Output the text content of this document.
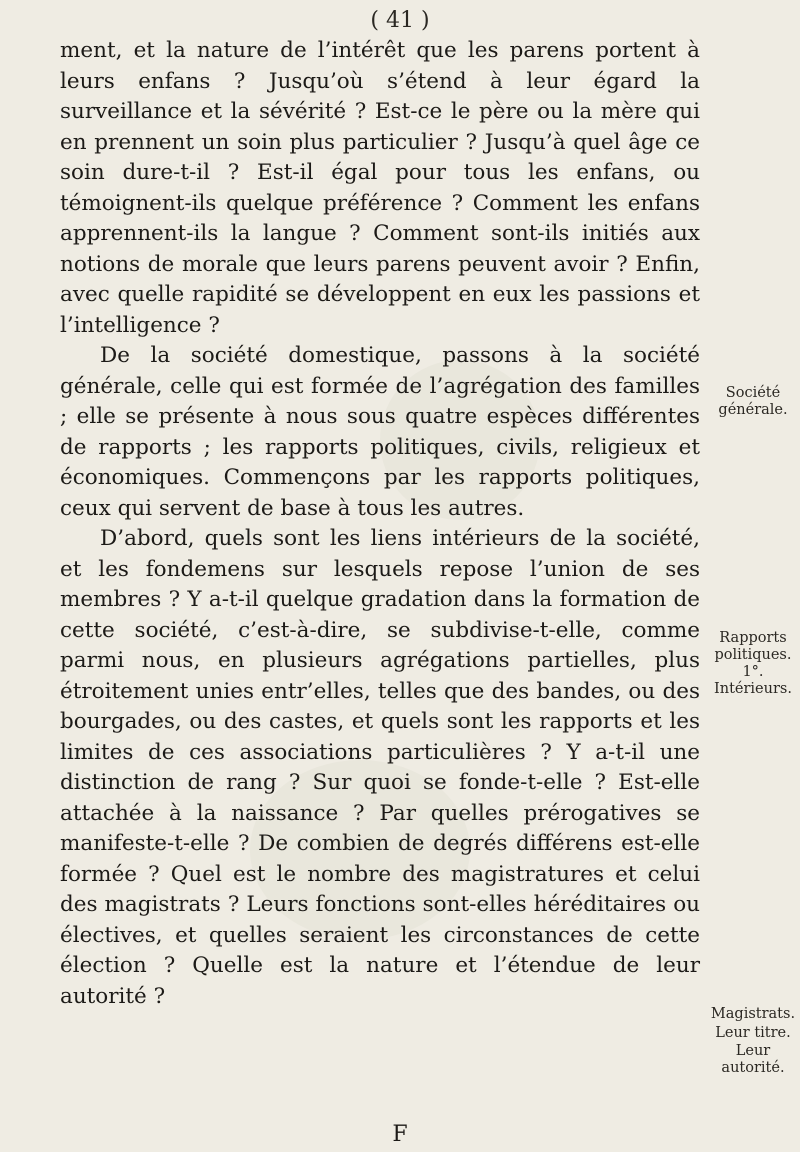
( 41 )

ment, et la nature de l’intérêt que les parens portent à leurs enfans ? Jusqu’où s’étend à leur égard la surveillance et la sévérité ? Est-ce le père ou la mère qui en prennent un soin plus particulier ? Jusqu’à quel âge ce soin dure-t-il ? Est-il égal pour tous les enfans, ou témoignent-ils quelque préférence ? Comment les enfans apprennent-ils la langue ? Comment sont-ils initiés aux notions de morale que leurs parens peuvent avoir ? Enfin, avec quelle rapidité se développent en eux les passions et l’intelligence ?

De la société domestique, passons à la société générale, celle qui est formée de l’agrégation des familles ; elle se présente à nous sous quatre espèces différentes de rapports ; les rapports politiques, civils, religieux et économiques. Commençons par les rapports politiques, ceux qui servent de base à tous les autres.

D’abord, quels sont les liens intérieurs de la société, et les fondemens sur lesquels repose l’union de ses membres ? Y a-t-il quelque gradation dans la formation de cette société, c’est-à-dire, se subdivise-t-elle, comme parmi nous, en plusieurs agrégations partielles, plus étroitement unies entr’elles, telles que des bandes, ou des bourgades, ou des castes, et quels sont les rapports et les limites de ces associations particulières ? Y a-t-il une distinction de rang ? Sur quoi se fonde-t-elle ? Est-elle attachée à la naissance ? Par quelles prérogatives se manifeste-t-elle ? De combien de degrés différens est-elle formée ? Quel est le nombre des magistratures et celui des magistrats ? Leurs fonctions sont-elles héréditaires ou électives, et quelles seraient les circonstances de cette élection ? Quelle est la nature et l’étendue de leur autorité ?

Société générale.
Rapports politiques.
1°. Intérieurs.
Magistrats.
Leur titre.
Leur autorité.
F
